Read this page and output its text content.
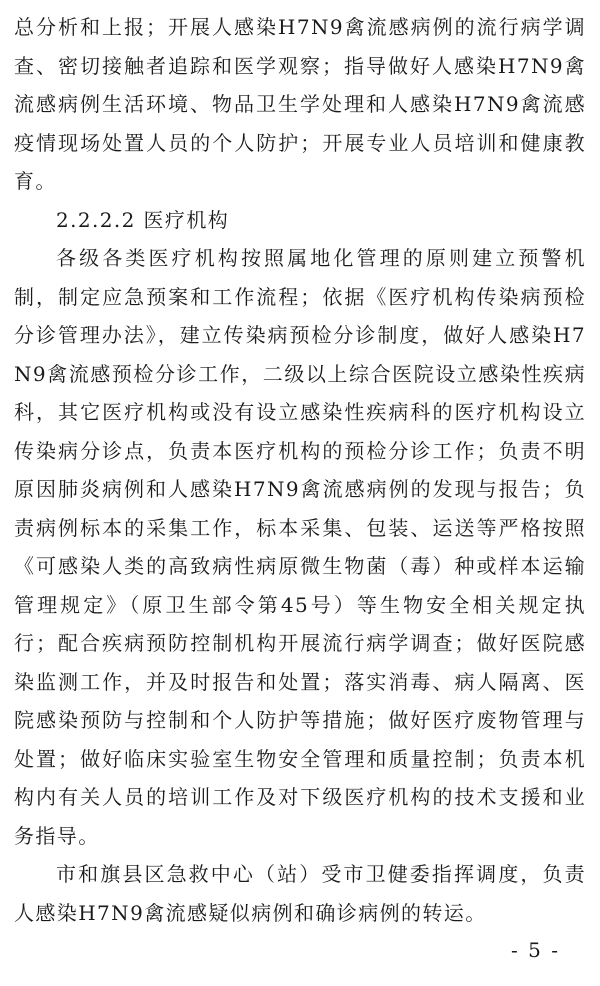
总分析和上报；开展人感染H7N9禽流感病例的流行病学调查、密切接触者追踪和医学观察；指导做好人感染H7N9禽流感病例生活环境、物品卫生学处理和人感染H7N9禽流感疫情现场处置人员的个人防护；开展专业人员培训和健康教育。

2.2.2.2 医疗机构

各级各类医疗机构按照属地化管理的原则建立预警机制，制定应急预案和工作流程；依据《医疗机构传染病预检分诊管理办法》，建立传染病预检分诊制度，做好人感染H7N9禽流感预检分诊工作，二级以上综合医院设立感染性疾病科，其它医疗机构或没有设立感染性疾病科的医疗机构设立传染病分诊点，负责本医疗机构的预检分诊工作；负责不明原因肺炎病例和人感染H7N9禽流感病例的发现与报告；负责病例标本的采集工作，标本采集、包装、运送等严格按照《可感染人类的高致病性病原微生物菌（毒）种或样本运输管理规定》（原卫生部令第45号）等生物安全相关规定执行；配合疾病预防控制机构开展流行病学调查；做好医院感染监测工作，并及时报告和处置；落实消毒、病人隔离、医院感染预防与控制和个人防护等措施；做好医疗废物管理与处置；做好临床实验室生物安全管理和质量控制；负责本机构内有关人员的培训工作及对下级医疗机构的技术支援和业务指导。

市和旗县区急救中心（站）受市卫健委指挥调度，负责人感染H7N9禽流感疑似病例和确诊病例的转运。

- 5 -
